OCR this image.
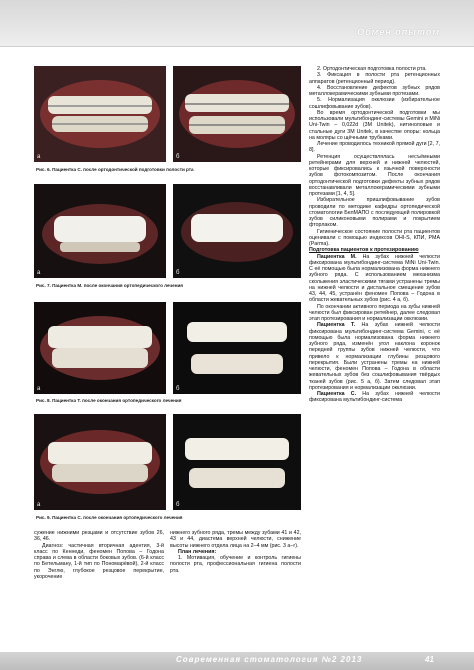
Обмен опытом
а	б
Рис. 6. Пациентка С. после ортодонтической подготовки полости рта
а	б
Рис. 7. Пациентка М. после окончания ортопедического лечения
а	б
Рис. 8. Пациентка Т. после окончания ортопедического лечения
а	б
Рис. 9. Пациентка С. после окончания ортопедического лечения

сужение нижними резцами и отсутствие зубов 26, 36, 46.

Диагноз: частичная вторичная адентия, 3-й класс по Кеннеди, феномен Попова – Годона справа и слева в области боковых зубов. (6-й класс по Бетельману, 1-й тип по Пономарёвой), 2-й класс по Энглю, глубокое резцовое перекрытие, укорочение

нижнего зубного ряда, тремы между зубами 41 и 42, 43 и 44, диастема верхней челюсти, снижение высоты нижнего отдела лица на 2–4 мм (рис. 3 а–г).

План лечения:

1. Мотивация, обучение и контроль гигиены полости рта, профессиональная гигиена полости рта.

2. Ортодонтическая подготовка полости рта.

3. Фиксация в полости рта ретенционных аппаратов (ретенционный период).

4. Восстановление дефектов зубных рядов металлокерамическими зубными протезами.

5. Нормализация окклюзии (избирательное сошлифовывание зубов).

Во время ортодонтической подготовки мы использовали мультибондинг-системы Gemini и MiNi Uni-Twin – 0,022d (3M Unitek), нитиноловые и стальные дуги 3M Unitek, в качестве опоры: кольца на моляры со щёчными трубками.

Лечение проводилось техникой прямой дуги [2, 7, 8].

Ретенция осуществлялась несъёмными ретейнерами для верхней и нижней челюстей, которые фиксировались к язычной поверхности зубов фотокомпозитом. После окончания ортодонтической подготовки дефекты зубных рядов восстанавливали металлокерамическими зубными протезами [1, 4, 5].

Избирательное пришлифовывание зубов проводили по методике кафедры ортопедической стоматологии БелМАПО с последующей полировкой зубов силиконовыми полирами и покрытием фторлаком.

Гигиеническое состояние полости рта пациентов оценивали с помощью индексов OHI-S, КПИ, PMA (Parma).

Подготовка пациентов к протезированию

Пациентка М. На зубах нижней челюсти фиксирована мультибондинг-система MiNi Uni-Twin. С её помощью была нормализована форма нижнего зубного ряда. С использованием механизма скольжения эластическими тягами устранены тремы на нижней челюсти и дистальное смещение зубов 43, 44, 45, устранён феномен Попова – Годона в области жевательных зубов (рис. 4 а, б).

По окончании активного периода на зубы нижней челюсти был фиксирован ретейнер, далее следовал этап протезирования и нормализации окклюзии.

Пациентка Т. На зубах нижней челюсти фиксирована мультибондинг-система Gemini, с её помощью была нормализована форма нижнего зубного ряда, изменён угол наклона коронок передней группы зубов нижней челюсти, что привело к нормализации глубины резцового перекрытия. Были устранены тремы на нижней челюсти, феномен Попова – Годона в области жевательных зубов без сошлифовывания твёрдых тканей зубов (рис. 5 а, б). Затем следовал этап протезирования и нормализации окклюзии.

Пациентка С. На зубах нижней челюсти фиксирована мультибондинг-система

Современная стоматология №2 2013	41
